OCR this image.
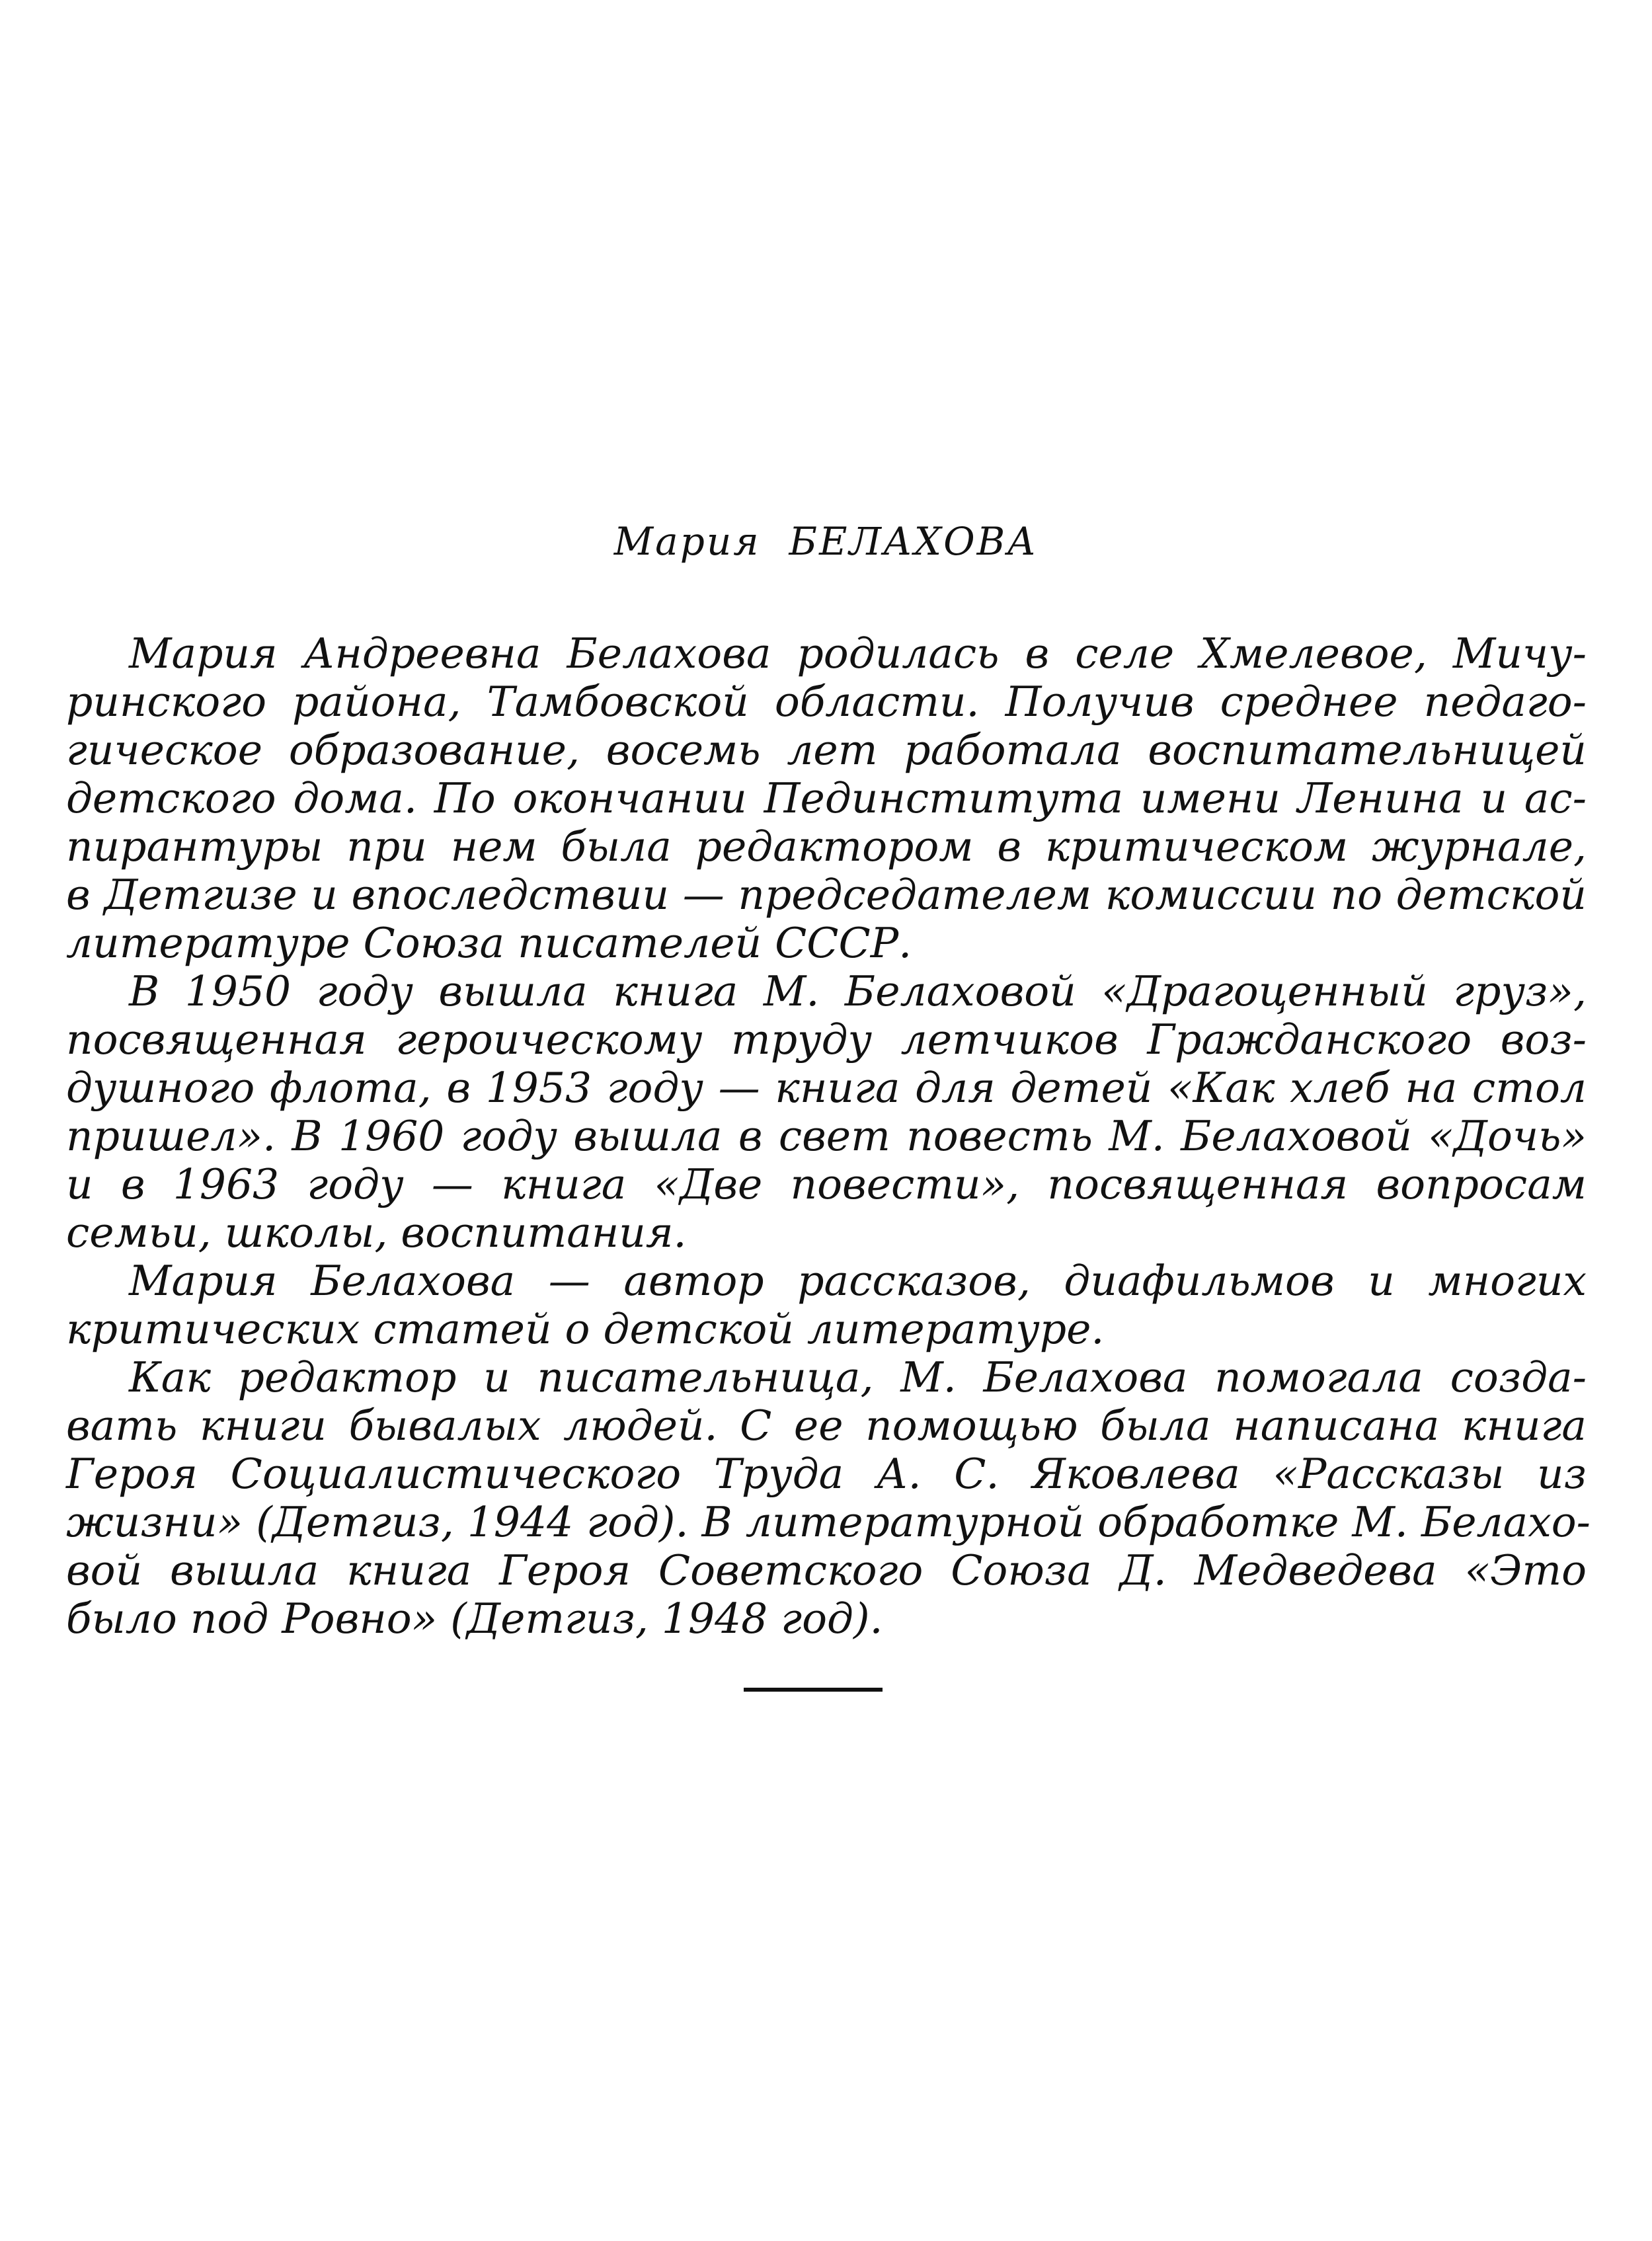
Мария  БЕЛАХОВА
Мария Андреевна Белахова родилась в селе Хмелевое, Мичу-
ринского района, Тамбовской области. Получив среднее педаго-
гическое образование, восемь лет работала воспитательницей
детского дома. По окончании Пединститута имени Ленина и ас-
пирантуры при нем была редактором в критическом журнале,
в Детгизе и впоследствии — председателем комиссии по детской
литературе Союза писателей СССР.
В 1950 году вышла книга М. Белаховой «Драгоценный груз»,
посвященная героическому труду летчиков Гражданского воз-
душного флота, в 1953 году — книга для детей «Как хлеб на стол
пришел». В 1960 году вышла в свет повесть М. Белаховой «Дочь»
и в 1963 году — книга «Две повести», посвященная вопросам
семьи, школы, воспитания.
Мария Белахова — автор рассказов, диафильмов и многих
критических статей о детской литературе.
Как редактор и писательница, М. Белахова помогала созда-
вать книги бывалых людей. С ее помощью была написана книга
Героя Социалистического Труда А. С. Яковлева «Рассказы из
жизни» (Детгиз, 1944 год). В литературной обработке М. Белахо-
вой вышла книга Героя Советского Союза Д. Медведева «Это
было под Ровно» (Детгиз, 1948 год).
